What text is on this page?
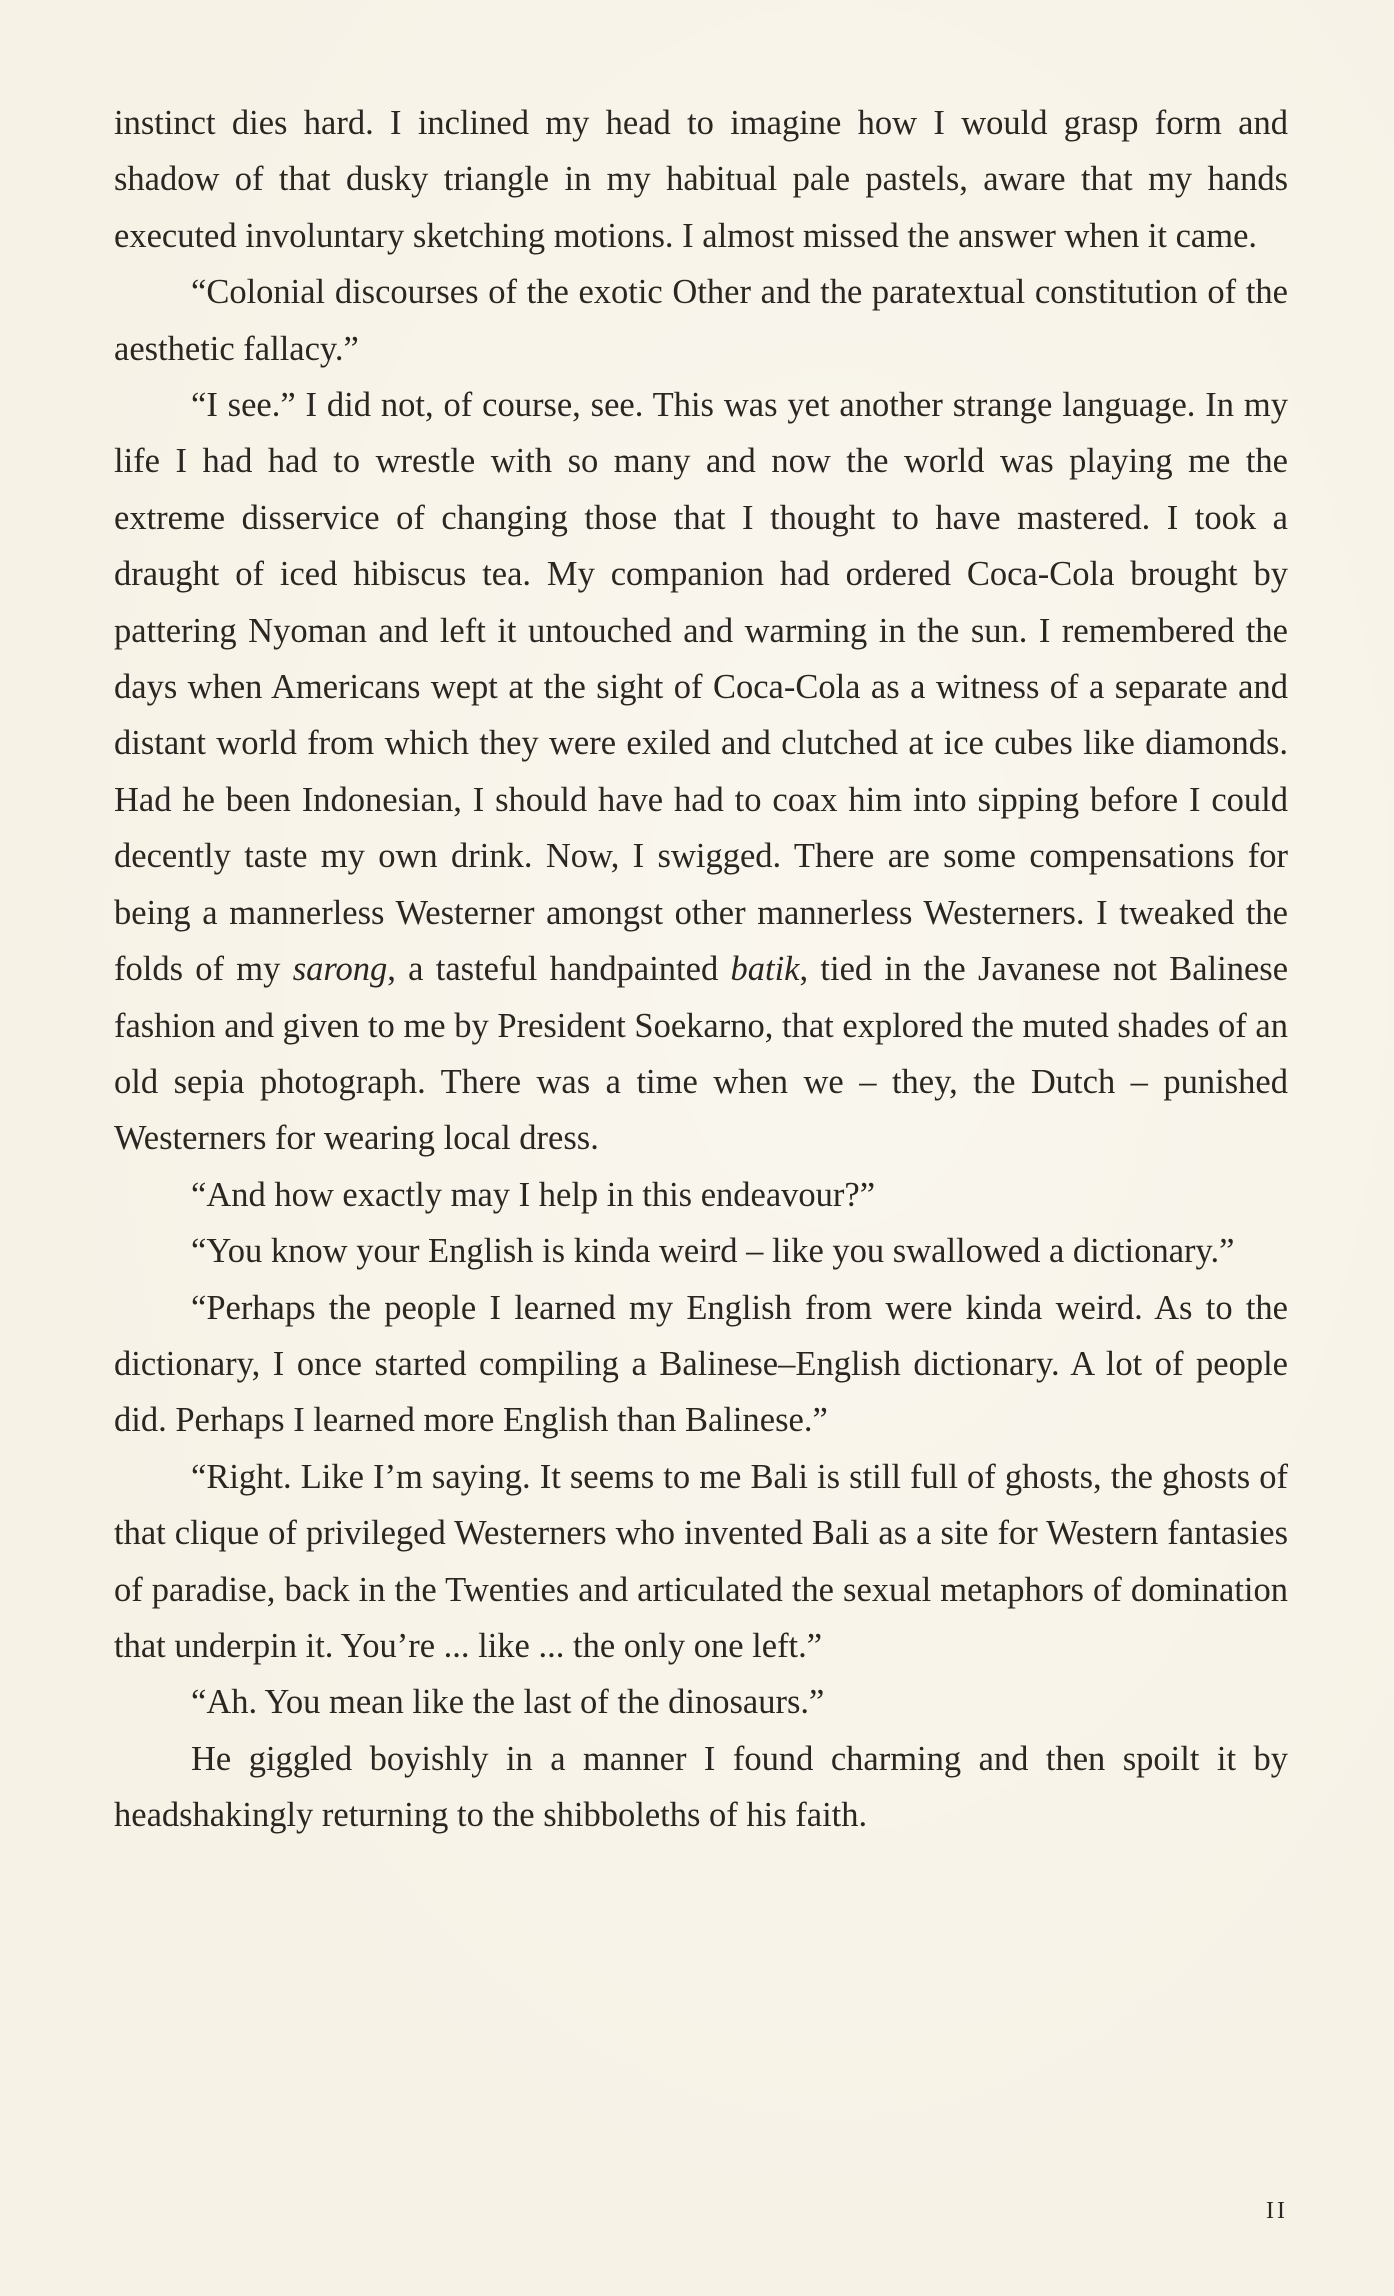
instinct dies hard. I inclined my head to imagine how I would grasp form and shadow of that dusky triangle in my habitual pale pastels, aware that my hands executed involuntary sketching motions. I almost missed the answer when it came.

“Colonial discourses of the exotic Other and the paratextual constitution of the aesthetic fallacy.”

“I see.” I did not, of course, see. This was yet another strange language. In my life I had had to wrestle with so many and now the world was playing me the extreme disservice of changing those that I thought to have mastered. I took a draught of iced hibiscus tea. My companion had ordered Coca-Cola brought by pattering Nyoman and left it untouched and warming in the sun. I remembered the days when Americans wept at the sight of Coca-Cola as a witness of a separate and distant world from which they were exiled and clutched at ice cubes like diamonds. Had he been Indonesian, I should have had to coax him into sipping before I could decently taste my own drink. Now, I swigged. There are some compensations for being a mannerless Westerner amongst other mannerless Westerners. I tweaked the folds of my sarong, a tasteful handpainted batik, tied in the Javanese not Balinese fashion and given to me by President Soekarno, that explored the muted shades of an old sepia photograph. There was a time when we – they, the Dutch – punished Westerners for wearing local dress.

“And how exactly may I help in this endeavour?”

“You know your English is kinda weird – like you swallowed a dictionary.”

“Perhaps the people I learned my English from were kinda weird. As to the dictionary, I once started compiling a Balinese–English dictionary. A lot of people did. Perhaps I learned more English than Balinese.”

“Right. Like I’m saying. It seems to me Bali is still full of ghosts, the ghosts of that clique of privileged Westerners who invented Bali as a site for Western fantasies of paradise, back in the Twenties and articulated the sexual metaphors of domination that underpin it. You’re ... like ... the only one left.”

“Ah. You mean like the last of the dinosaurs.”

He giggled boyishly in a manner I found charming and then spoilt it by headshakingly returning to the shibboleths of his faith.

II
